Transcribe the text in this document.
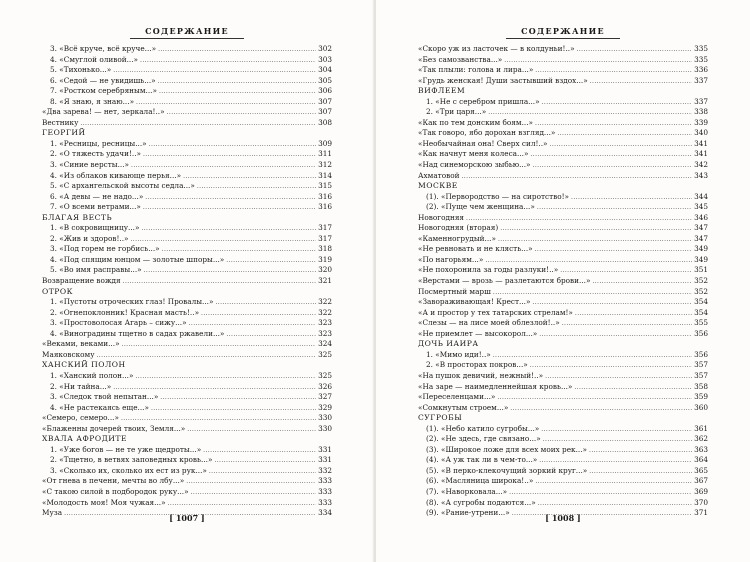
СОДЕРЖАНИЕ
3. «Всё круче, всё круче...» .....	302
4. «Смуглой оливой...» .....	303
5. «Тихонько...» .....	304
6. «Седой — не увидишь...» .....	305
7. «Ростком серебряным...» .....	306
8. «Я знаю, я знаю...» .....	307
«Два зарева! — нет, зеркала!..» .....	307
Вестнику .....	308
ГЕОРГИЙ
1. «Ресницы, ресницы...» .....	309
2. «О тяжесть удачи!..» .....	311
3. «Синие версты...» .....	312
4. «Из облаков кивающе перья...» .....	314
5. «С архангельской высоты седла...» .....	315
6. «А девы — не надо...» .....	316
7. «О всеми ветрами...» .....	316
БЛАГАЯ ВЕСТЬ
1. «В сокровищницу...» .....	317
2. «Жив и здоров!..» .....	317
3. «Под горем не горбись...» .....	318
4. «Под спящим юнцом — золотые шпоры...» .....	319
5. «Во имя расправы...» .....	320
Возвращение вождя .....	321
ОТРОК
1. «Пустоты отроческих глаз! Провалы...» .....	322
2. «Огнепоклонник! Красная масть!..» .....	322
3. «Простоволосая Агарь – сижу...» .....	323
4. «Виноградины тщетно в садах ржавели...» .....	323
«Веками, веками...» .....	324
Маяковскому .....	325
ХАНСКИЙ ПОЛОН
1. «Ханский полон...» .....	325
2. «Ни тайна...» .....	326
3. «Следок твой непытан...» .....	327
4. «Не растекаясь еще...» .....	329
«Семеро, семеро...» .....	330
«Блаженны дочерей твоих, Земля...» .....	330
ХВАЛА АФРОДИТЕ
1. «Уже богов — не те уже щедроты...» .....	331
2. «Тщетно, в ветвях заповедных кровь...» .....	331
3. «Сколько их, сколько их ест из рук...» .....	332
«От гнева в печени, мечты во лбу...» .....	333
«С такою силой в подбородок руку...» .....	333
«Молодость моя! Моя чужая...» .....	333
Муза .....	334
[ 1007 ]
СОДЕРЖАНИЕ
«Скоро уж из ласточек — в колдуньи!..» .....	335
«Без самозванства...» .....	335
«Так плыли: голова и лира...» .....	336
«Грудь женская! Души застывший вздох...» .....	337
ВИФЛЕЕМ
1. «Не с серебром пришла...» .....	337
2. «Три царя...» .....	338
«Как по тем донским боям...» .....	339
«Так говоро, ябо дорохан взгляд...» .....	340
«Необычайная она! Сверх сил!..» .....	341
«Как начнут меня колеса...» .....	341
«Над синеморскою зыбью...» .....	342
Ахматовой .....	343
МОСКВЕ
(1). «Первородство — на сиротство!» .....	344
(2). «Пуще чем женщина...» .....	345
Новогодняя .....	346
Новогодняя (вторая) .....	347
«Каменногрудый...» .....	347
«Не ревновать и не клясть...» .....	349
«По нагорьям...» .....	349
«Не похоронила за годы разлуки!..» .....	351
«Верстами — врозь — разлетаются брови...» .....	352
Посмертный марш .....	352
«Завораживающая! Крест...» .....	354
«А и простор у тех татарских стрелам!» .....	354
«Слезы — на лисе моей облезлой!..» .....	355
«Не приемлет — высокорол...» .....	356
ДОЧЬ ИАИРА
1. «Мимо иди!..» .....	356
2. «В просторах покров...» .....	357
«На пушок девичий, нежный!..» .....	357
«На заре — наимедленнейшая кровь...» .....	358
«Переселенцами...» .....	359
«Сомкнутым строем...» .....	360
СУГРОБЫ
(1). «Небо катило сугробы...» .....	361
(2). «Не здесь, где связано...» .....	362
(3). «Широкое ложе для всех моих рек...» .....	363
(4). «А уж так ли в чем-то...» .....	364
(5). «В перко-клекочущий зоркий круг...» .....	365
(6). «Масляница широка!..» .....	367
(7). «Наворковала...» .....	369
(8). «А сугробы подаются...» .....	370
(9). «Рание-утрени...» .....	371
[ 1008 ]
